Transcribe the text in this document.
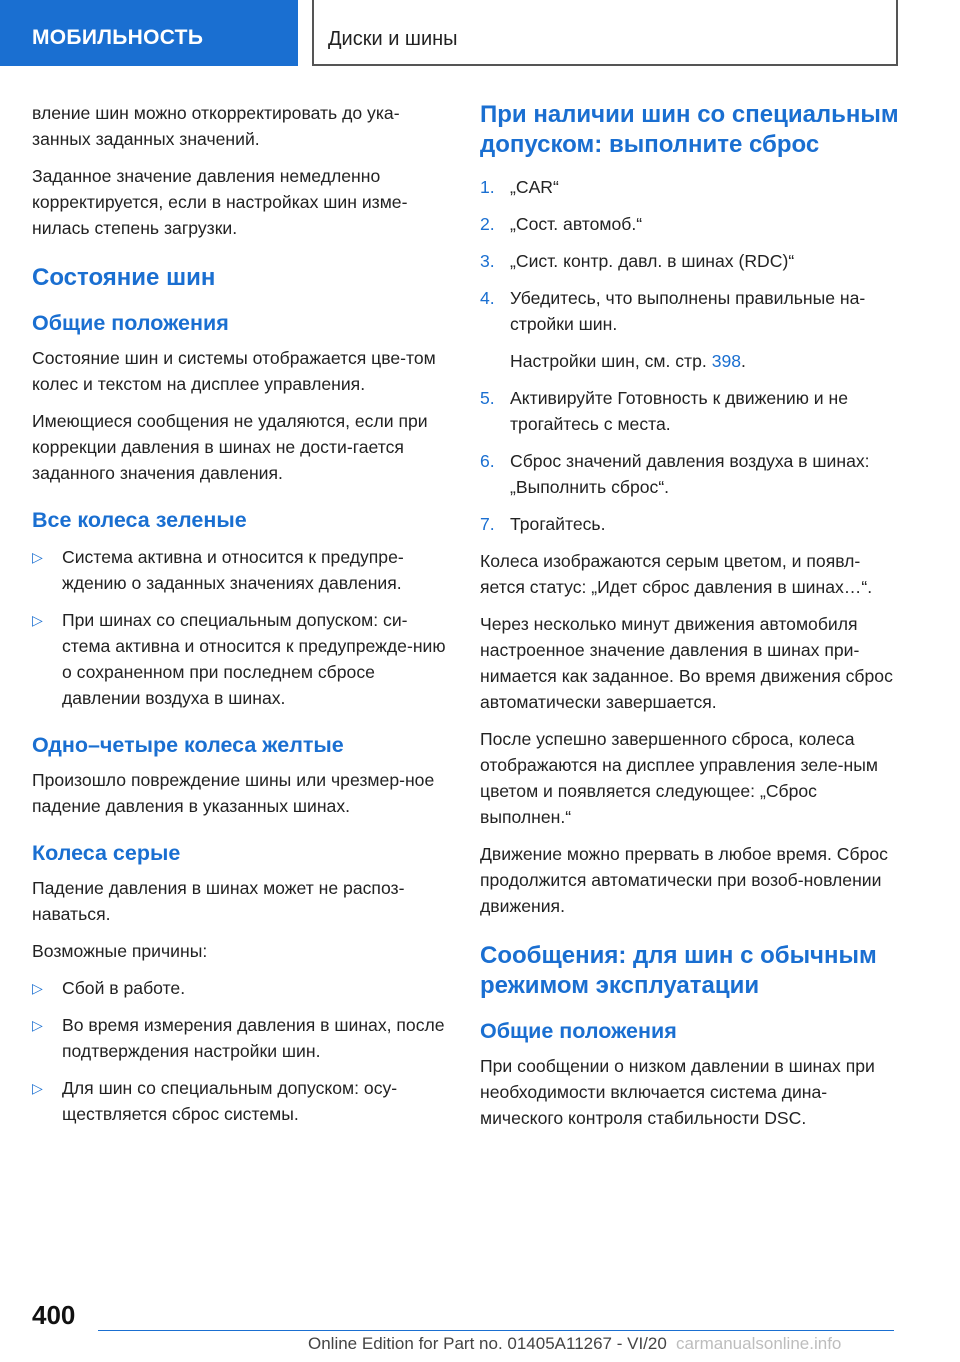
МОБИЛЬНОСТЬ	Диски и шины

вление шин можно откорректировать до ука-занных заданных значений.

Заданное значение давления немедленно корректируется, если в настройках шин изме-нилась степень загрузки.

Состояние шин
Общие положения

Состояние шин и системы отображается цве-том колес и текстом на дисплее управления.

Имеющиеся сообщения не удаляются, если при коррекции давления в шинах не дости-гается заданного значения давления.

Все колеса зеленые
▷ Система активна и относится к предупре-ждению о заданных значениях давления.
▷ При шинах со специальным допуском: си-стема активна и относится к предупрежде-нию о сохраненном при последнем сбросе давлении воздуха в шинах.
Одно–четыре колеса желтые

Произошло повреждение шины или чрезмер-ное падение давления в указанных шинах.

Колеса серые

Падение давления в шинах может не распоз-наваться.

Возможные причины:

▷ Сбой в работе.
▷ Во время измерения давления в шинах, после подтверждения настройки шин.
▷ Для шин со специальным допуском: осу-ществляется сброс системы.
При наличии шин со специальным допуском: выполните сброс
1. „CAR“
2. „Сост. автомоб.“
3. „Сист. контр. давл. в шинах (RDC)“
4. Убедитесь, что выполнены правильные на-стройки шин.

Настройки шин, см. стр. 398.

5. Активируйте Готовность к движению и не трогайтесь с места.
6. Сброс значений давления воздуха в шинах: „Выполнить сброс“.
7. Трогайтесь.

Колеса изображаются серым цветом, и появл-яется статус: „Идет сброс давления в шинах…“.

Через несколько минут движения автомобиля настроенное значение давления в шинах при-нимается как заданное. Во время движения сброс автоматически завершается.

После успешно завершенного сброса, колеса отображаются на дисплее управления зеле-ным цветом и появляется следующее: „Сброс выполнен.“

Движение можно прервать в любое время. Сброс продолжится автоматически при возоб-новлении движения.

Сообщения: для шин с обычным режимом эксплуатации
Общие положения

При сообщении о низком давлении в шинах при необходимости включается система дина-мического контроля стабильности DSC.

400
Online Edition for Part no. 01405A11267 - VI/20 carmanualsonline.info
